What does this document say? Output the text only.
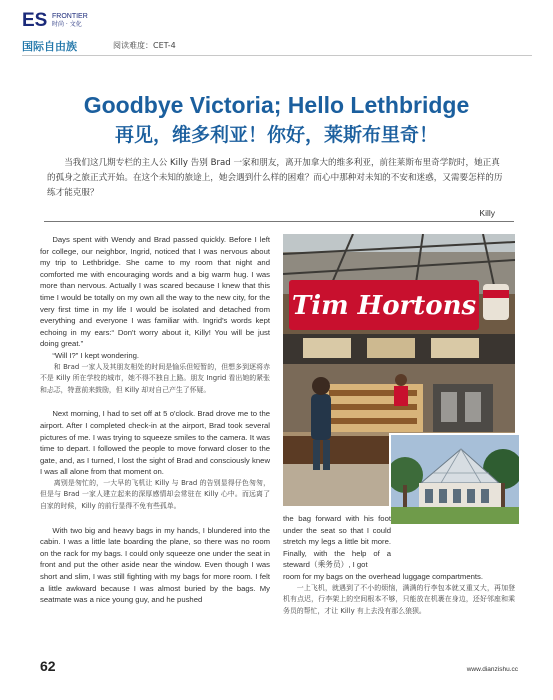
ES FRONTIER
时尚 · 文化
国际自由族	阅读难度：CET-4
Goodbye Victoria; Hello Lethbridge
再见，维多利亚！你好，莱斯布里奇！

当我们这几期专栏的主人公 Killy 告别 Brad 一家和朋友，离开加拿大的维多利亚，前往莱斯布里奇学院时，她正真的孤身之旅正式开始。在这个未知的旅途上，她会遇到什么样的困难？而心中那种对未知的不安和迷惑，又需要怎样的历练才能克服？

Killy

Days spent with Wendy and Brad passed quickly. Before I left for college, our neighbor, Ingrid, noticed that I was nervous about my trip to Lethbridge. She came to my room that night and comforted me with encouraging words and a big warm hug. I was more than nervous. Actually I was scared because I knew that this time I would be totally on my own all the way to the new city, for the very first time in my life I would be isolated and detached from everything and everyone I was familiar with. Ingrid's words kept echoing in my ears:“ Don't worry about it, Killy! You will be just doing great.”

“Will I?” I kept wondering.

和 Brad 一家人及其朋友相处的时间是愉乐但短暂的，但想多到逐将赤不是 Killy 所在学校的城市，她不得不独自上路。朋友 Ingrid 看出她的紧张和忐忑，特意前来鼓励，但 Killy 却对自己产生了怀疑。

Next morning, I had to set off at 5 o'clock. Brad drove me to the airport. After I completed check-in at the airport, Brad took several pictures of me. I was trying to squeeze smiles to the camera. It was time to depart. I followed the people to move forward closer to the gate, and, as I turned, I lost the sight of Brad and consciously knew I was all alone from that moment on.

离别是匆忙的，一大早的飞机让 Killy 与 Brad 的告别显得仔色匆匆，但是与 Brad 一家人建立起来的深厚感情却会常驻在 Killy 心中。而远离了自家的时候，Killy 的前行显得不免有些孤单。

With two big and heavy bags in my hands, I blundered into the cabin. I was a little late boarding the plane, so there was no room on the rack for my bags. I could only squeeze one under the seat in front and put the other aside near the window. Even though I was short and slim, I was still fighting with my bags for more room. I felt a little awkward because I was almost buried by the bags. My seatmate was a nice young guy, and he pushed

Tim Hortons

the bag forward with his foot under the seat so that I could stretch my legs a little bit more. Finally, with the help of a steward（乘务员）, I got

room for my bags on the overhead luggage compartments.

一上飞机，就遇到了不小的烦恼，满满的行李包本就又重又大，再加登机有点迟，行李架上的空间根本不够，只能放在机裹在身边，还好邻座和乘务员的帮忙，才让 Killy 有上去没有那么狼狈。

62	www.dianzishu.cc
